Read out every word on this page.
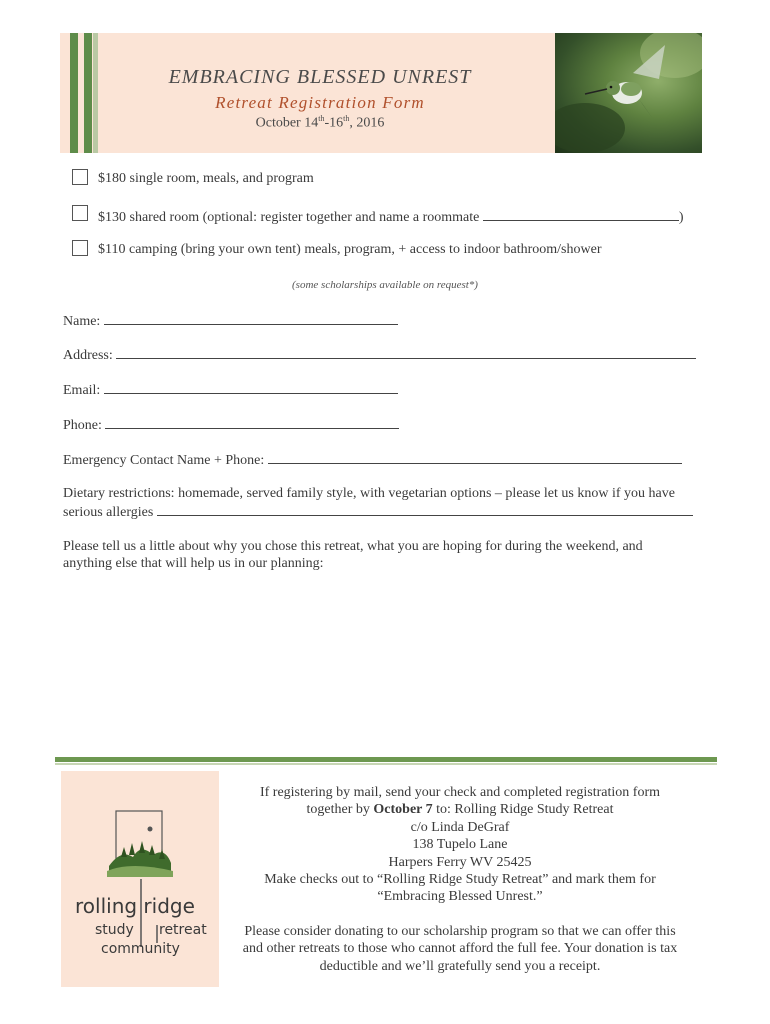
EMBRACING BLESSED UNREST
Retreat Registration Form
October 14th-16th, 2016
$180 single room, meals, and program
$130 shared room (optional: register together and name a roommate	)
$110 camping (bring your own tent) meals, program, + access to indoor bathroom/shower
(some scholarships available on request*)
Name:
Address:
Email:
Phone:
Emergency Contact Name + Phone:
Dietary restrictions: homemade, served family style, with vegetarian options – please let us know if you have
serious allergies
Please tell us a little about why you chose this retreat, what you are hoping for during the weekend, and
anything else that will help us in our planning:
rolling ridge
study retreat
community
If registering by mail, send your check and completed registration form
together by October 7 to: Rolling Ridge Study Retreat
c/o Linda DeGraf
138 Tupelo Lane
Harpers Ferry WV 25425
Make checks out to “Rolling Ridge Study Retreat” and mark them for
“Embracing Blessed Unrest.”
Please consider donating to our scholarship program so that we can offer this
and other retreats to those who cannot afford the full fee. Your donation is tax
deductible and we’ll gratefully send you a receipt.
